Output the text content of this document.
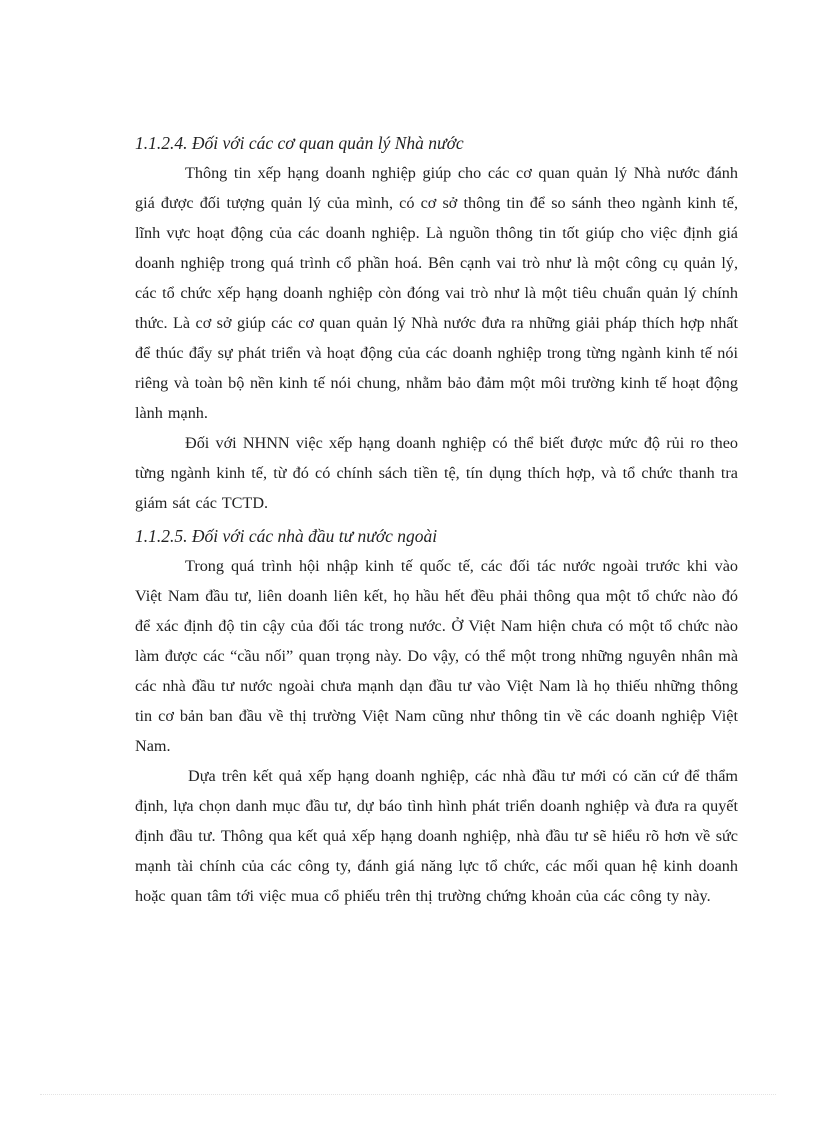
1.1.2.4. Đối với các cơ quan quản lý Nhà nước

Thông tin xếp hạng doanh nghiệp giúp cho các cơ quan quản lý Nhà nước đánh giá được đối tượng quản lý của mình, có cơ sở thông tin để so sánh theo ngành kinh tế, lĩnh vực hoạt động của các doanh nghiệp. Là nguồn thông tin tốt giúp cho việc định giá doanh nghiệp trong quá trình cổ phần hoá. Bên cạnh vai trò như là một công cụ quản lý, các tổ chức xếp hạng doanh nghiệp còn đóng vai trò như là một tiêu chuẩn quản lý chính thức. Là cơ sở giúp các cơ quan quản lý Nhà nước đưa ra những giải pháp thích hợp nhất để thúc đẩy sự phát triển và hoạt động của các doanh nghiệp trong từng ngành kinh tế nói riêng và toàn bộ nền kinh tế nói chung, nhằm bảo đảm một môi trường kinh tế hoạt động lành mạnh.

Đối với NHNN việc xếp hạng doanh nghiệp có thể biết được mức độ rủi ro theo từng ngành kinh tế, từ đó có chính sách tiền tệ, tín dụng thích hợp, và tổ chức thanh tra giám sát các TCTD.

1.1.2.5. Đối với các nhà đầu tư nước ngoài

Trong quá trình hội nhập kinh tế quốc tế, các đối tác nước ngoài trước khi vào Việt Nam đầu tư, liên doanh liên kết, họ hầu hết đều phải thông qua một tổ chức nào đó để xác định độ tin cậy của đối tác trong nước. Ở Việt Nam hiện chưa có một tổ chức nào làm được các “cầu nối” quan trọng này. Do vậy, có thể một trong những nguyên nhân mà các nhà đầu tư nước ngoài chưa mạnh dạn đầu tư vào Việt Nam là họ thiếu những thông tin cơ bản ban đầu về thị trường Việt Nam cũng như thông tin về các doanh nghiệp Việt Nam.

Dựa trên kết quả xếp hạng doanh nghiệp, các nhà đầu tư mới có căn cứ để thẩm định, lựa chọn danh mục đầu tư, dự báo tình hình phát triển doanh nghiệp và đưa ra quyết định đầu tư. Thông qua kết quả xếp hạng doanh nghiệp, nhà đầu tư sẽ hiểu rõ hơn về sức mạnh tài chính của các công ty, đánh giá năng lực tổ chức, các mối quan hệ kinh doanh hoặc quan tâm tới việc mua cổ phiếu trên thị trường chứng khoản của các công ty này.
